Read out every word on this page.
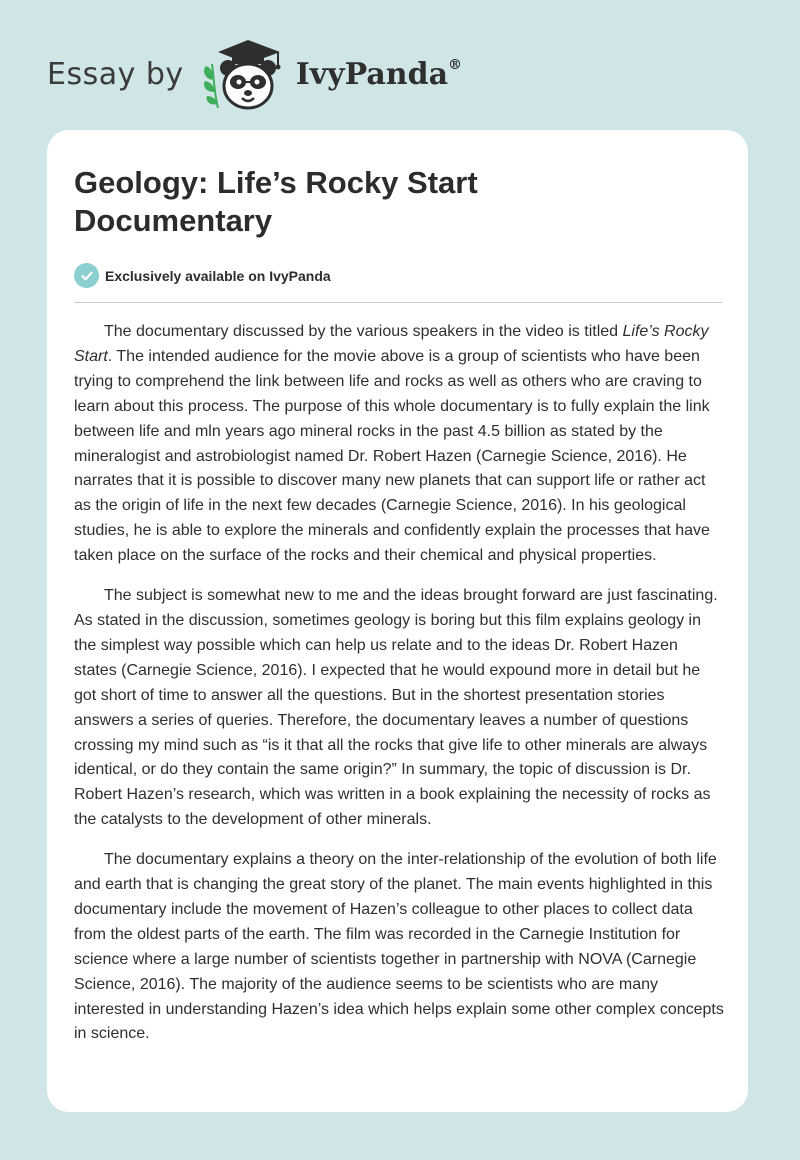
Essay by	IvyPanda®
Geology: Life’s Rocky Start Documentary
Exclusively available on IvyPanda

The documentary discussed by the various speakers in the video is titled Life’s Rocky Start. The intended audience for the movie above is a group of scientists who have been trying to comprehend the link between life and rocks as well as others who are craving to learn about this process. The purpose of this whole documentary is to fully explain the link between life and mln years ago mineral rocks in the past 4.5 billion as stated by the mineralogist and astrobiologist named Dr. Robert Hazen (Carnegie Science, 2016). He narrates that it is possible to discover many new planets that can support life or rather act as the origin of life in the next few decades (Carnegie Science, 2016). In his geological studies, he is able to explore the minerals and confidently explain the processes that have taken place on the surface of the rocks and their chemical and physical properties.

The subject is somewhat new to me and the ideas brought forward are just fascinating. As stated in the discussion, sometimes geology is boring but this film explains geology in the simplest way possible which can help us relate and to the ideas Dr. Robert Hazen states (Carnegie Science, 2016). I expected that he would expound more in detail but he got short of time to answer all the questions. But in the shortest presentation stories answers a series of queries. Therefore, the documentary leaves a number of questions crossing my mind such as “is it that all the rocks that give life to other minerals are always identical, or do they contain the same origin?” In summary, the topic of discussion is Dr. Robert Hazen’s research, which was written in a book explaining the necessity of rocks as the catalysts to the development of other minerals.

The documentary explains a theory on the inter-relationship of the evolution of both life and earth that is changing the great story of the planet. The main events highlighted in this documentary include the movement of Hazen’s colleague to other places to collect data from the oldest parts of the earth. The film was recorded in the Carnegie Institution for science where a large number of scientists together in partnership with NOVA (Carnegie Science, 2016). The majority of the audience seems to be scientists who are many interested in understanding Hazen’s idea which helps explain some other complex concepts in science.
